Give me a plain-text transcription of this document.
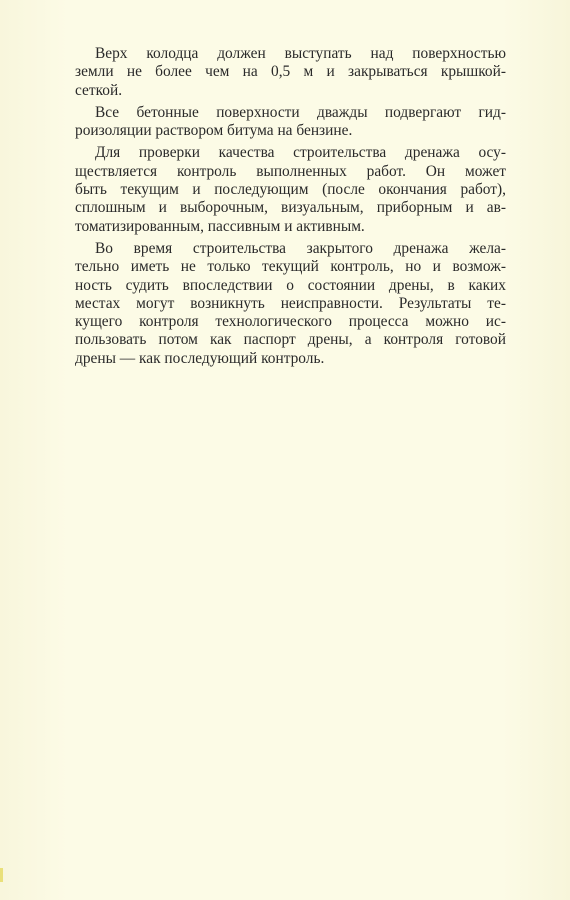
Верх колодца должен выступать над поверхностью
земли не более чем на 0,5 м и закрываться крышкой-
сеткой.

Все бетонные поверхности дважды подвергают гид-
роизоляции раствором битума на бензине.

Для проверки качества строительства дренажа осу-
ществляется контроль выполненных работ. Он может
быть текущим и последующим (после окончания работ),
сплошным и выборочным, визуальным, приборным и ав-
томатизированным, пассивным и активным.

Во время строительства закрытого дренажа жела-
тельно иметь не только текущий контроль, но и возмож-
ность судить впоследствии о состоянии дрены, в каких
местах могут возникнуть неисправности. Результаты те-
кущего контроля технологического процесса можно ис-
пользовать потом как паспорт дрены, а контроля готовой
дрены — как последующий контроль.
